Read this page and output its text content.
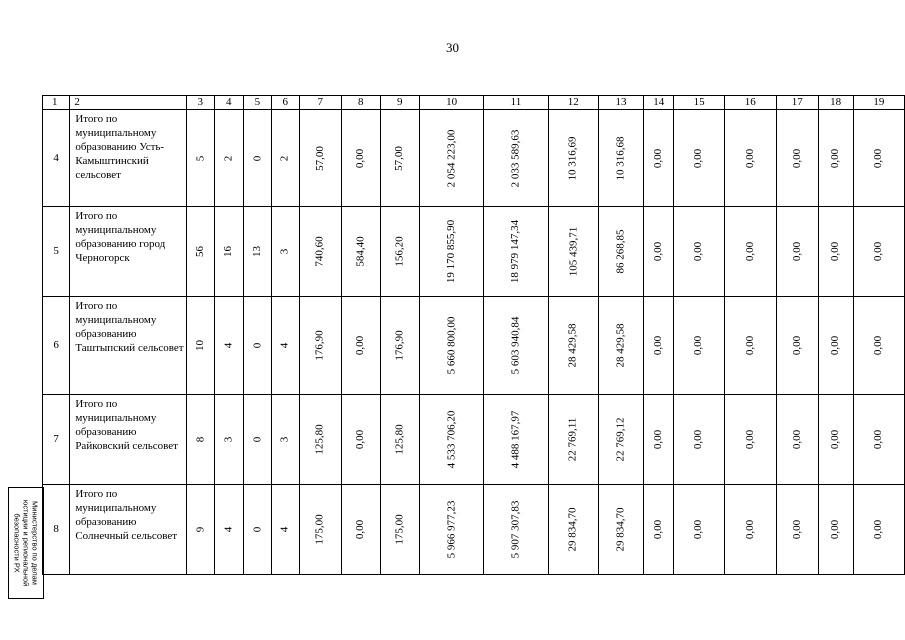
30
1	2	3	4	5	6	7	8	9	10	11	12	13	14	15	16	17	18	19
4	Итого по муниципальному образованию Усть-Камыштинский сельсовет	5	2	0	2	57,00	0,00	57,00	2 054 223,00	2 033 589,63	10 316,69	10 316,68	0,00	0,00	0,00	0,00	0,00	0,00
5	Итого по муниципальному образованию город Черногорск	56	16	13	3	740,60	584,40	156,20	19 170 855,90	18 979 147,34	105 439,71	86 268,85	0,00	0,00	0,00	0,00	0,00	0,00
6	Итого по муниципальному образованию Таштыпский сельсовет	10	4	0	4	176,90	0,00	176,90	5 660 800,00	5 603 940,84	28 429,58	28 429,58	0,00	0,00	0,00	0,00	0,00	0,00
7	Итого по муниципальному образованию Райковский сельсовет	8	3	0	3	125,80	0,00	125,80	4 533 706,20	4 488 167,97	22 769,11	22 769,12	0,00	0,00	0,00	0,00	0,00	0,00
8	Итого по муниципальному образованию Солнечный сельсовет	9	4	0	4	175,00	0,00	175,00	5 966 977,23	5 907 307,83	29 834,70	29 834,70	0,00	0,00	0,00	0,00	0,00	0,00
Министерство по делам
юстиции и региональной
безопасности РХ
